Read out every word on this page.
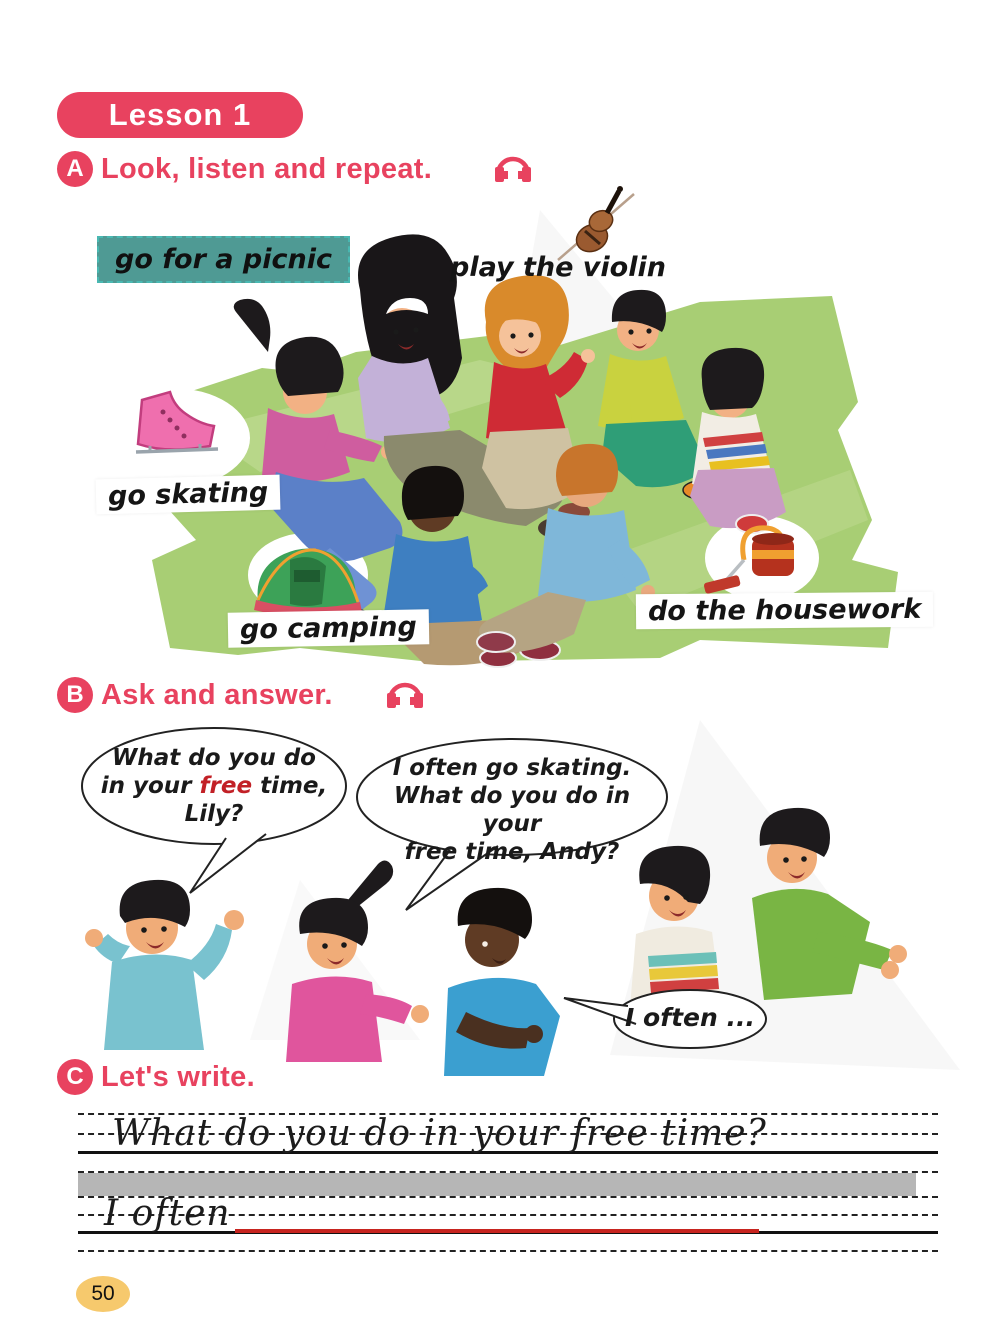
Lesson 1
A Look, listen and repeat.
go for a picnic	play the violin
go skating
go camping
do the housework
B Ask and answer.
What do you do
in your free time,
Lily?
I often go skating.
What do you do in your
free time, Andy?
I often ...
C Let's write.
What do you do in your free time?
I often
50
